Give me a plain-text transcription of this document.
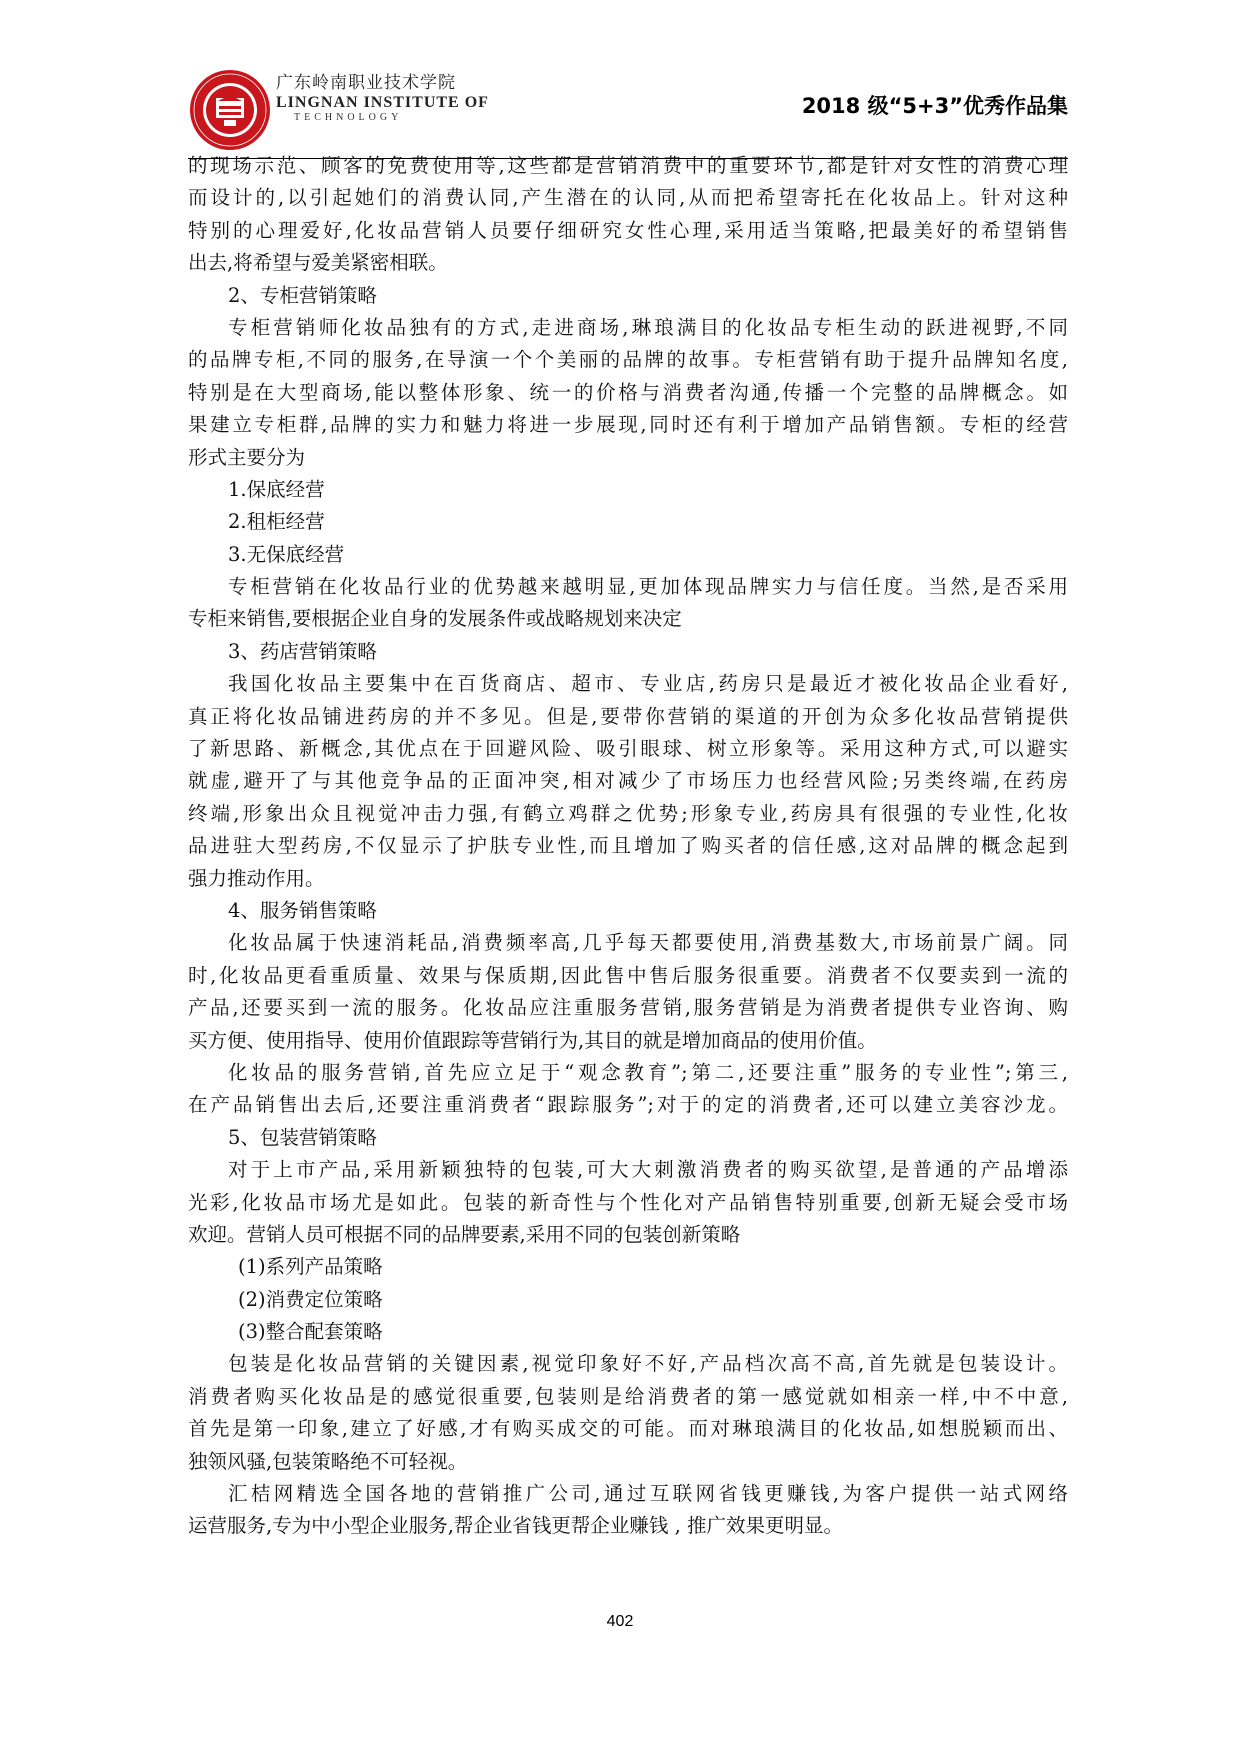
广东岭南职业技术学院
LINGNAN INSTITUTE OF
TECHNOLOGY	2018 级“5+3”优秀作品集
的现场示范、顾客的免费使用等,这些都是营销消费中的重要环节,都是针对女性的消费心理
而设计的,以引起她们的消费认同,产生潜在的认同,从而把希望寄托在化妆品上。针对这种
特别的心理爱好,化妆品营销人员要仔细研究女性心理,采用适当策略,把最美好的希望销售
出去,将希望与爱美紧密相联。
2、专柜营销策略
专柜营销师化妆品独有的方式,走进商场,琳琅满目的化妆品专柜生动的跃进视野,不同
的品牌专柜,不同的服务,在导演一个个美丽的品牌的故事。专柜营销有助于提升品牌知名度,
特别是在大型商场,能以整体形象、统一的价格与消费者沟通,传播一个完整的品牌概念。如
果建立专柜群,品牌的实力和魅力将进一步展现,同时还有利于增加产品销售额。专柜的经营
形式主要分为
1.保底经营
2.租柜经营
3.无保底经营
专柜营销在化妆品行业的优势越来越明显,更加体现品牌实力与信任度。当然,是否采用
专柜来销售,要根据企业自身的发展条件或战略规划来决定
3、药店营销策略
我国化妆品主要集中在百货商店、超市、专业店,药房只是最近才被化妆品企业看好,
真正将化妆品铺进药房的并不多见。但是,要带你营销的渠道的开创为众多化妆品营销提供
了新思路、新概念,其优点在于回避风险、吸引眼球、树立形象等。采用这种方式,可以避实
就虚,避开了与其他竞争品的正面冲突,相对减少了市场压力也经营风险;另类终端,在药房
终端,形象出众且视觉冲击力强,有鹤立鸡群之优势;形象专业,药房具有很强的专业性,化妆
品进驻大型药房,不仅显示了护肤专业性,而且增加了购买者的信任感,这对品牌的概念起到
强力推动作用。
4、服务销售策略
化妆品属于快速消耗品,消费频率高,几乎每天都要使用,消费基数大,市场前景广阔。同
时,化妆品更看重质量、效果与保质期,因此售中售后服务很重要。消费者不仅要卖到一流的
产品,还要买到一流的服务。化妆品应注重服务营销,服务营销是为消费者提供专业咨询、购
买方便、使用指导、使用价值跟踪等营销行为,其目的就是增加商品的使用价值。
化妆品的服务营销,首先应立足于“观念教育”;第二,还要注重”服务的专业性”;第三,
在产品销售出去后,还要注重消费者“跟踪服务”;对于的定的消费者,还可以建立美容沙龙。
5、包装营销策略
对于上市产品,采用新颖独特的包装,可大大刺激消费者的购买欲望,是普通的产品增添
光彩,化妆品市场尤是如此。包装的新奇性与个性化对产品销售特别重要,创新无疑会受市场
欢迎。营销人员可根据不同的品牌要素,采用不同的包装创新策略
(1)系列产品策略
(2)消费定位策略
(3)整合配套策略
包装是化妆品营销的关键因素,视觉印象好不好,产品档次高不高,首先就是包装设计。
消费者购买化妆品是的感觉很重要,包装则是给消费者的第一感觉就如相亲一样,中不中意,
首先是第一印象,建立了好感,才有购买成交的可能。而对琳琅满目的化妆品,如想脱颖而出、
独领风骚,包装策略绝不可轻视。
汇桔网精选全国各地的营销推广公司,通过互联网省钱更赚钱,为客户提供一站式网络
运营服务,专为中小型企业服务,帮企业省钱更帮企业赚钱 , 推广效果更明显。
402
